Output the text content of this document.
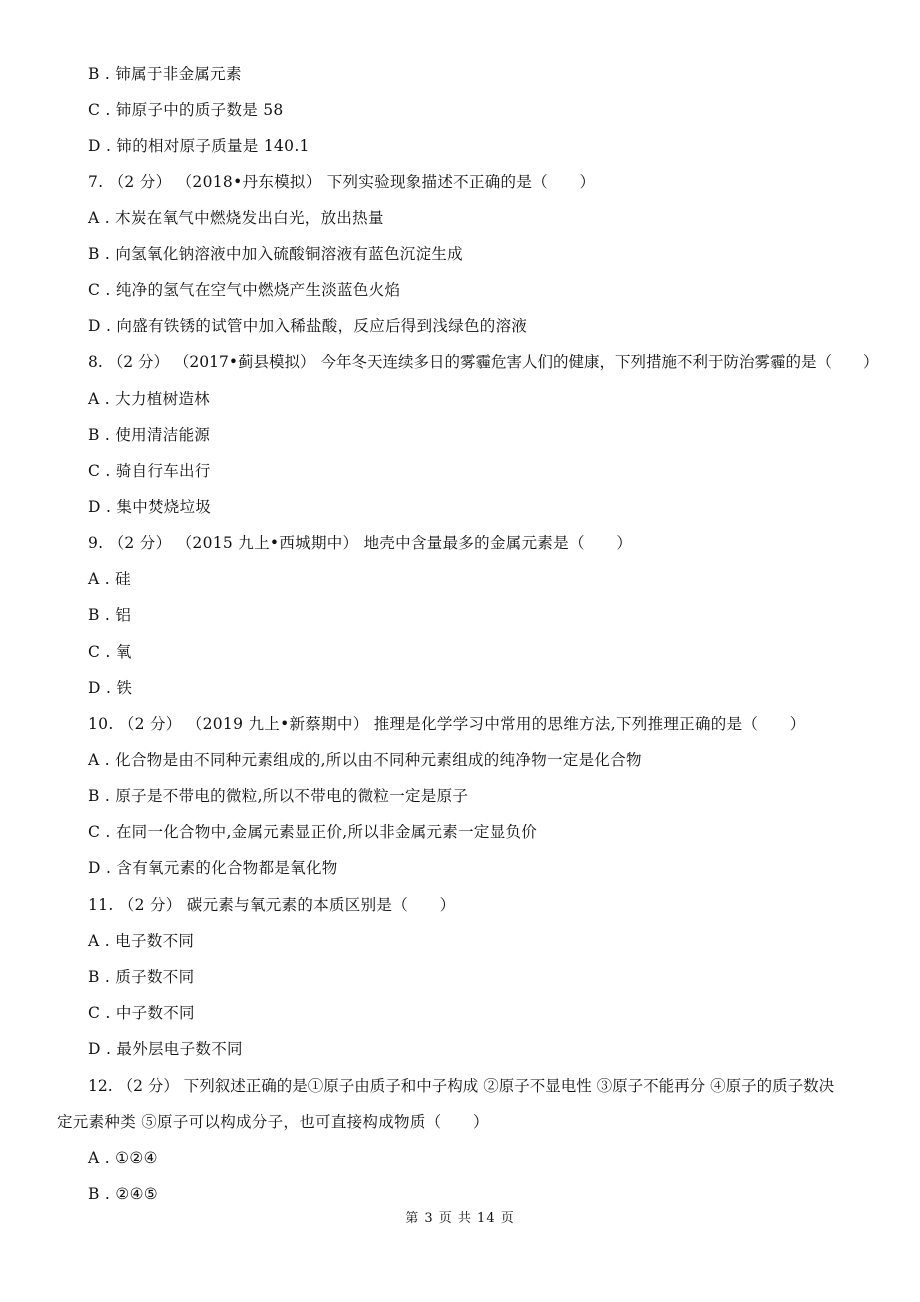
B . 铈属于非金属元素
C . 铈原子中的质子数是 58
D . 铈的相对原子质量是 140.1
7. （2 分） （2018•丹东模拟） 下列实验现象描述不正确的是（　　）
A . 木炭在氧气中燃烧发出白光，放出热量
B . 向氢氧化钠溶液中加入硫酸铜溶液有蓝色沉淀生成
C . 纯净的氢气在空气中燃烧产生淡蓝色火焰
D . 向盛有铁锈的试管中加入稀盐酸，反应后得到浅绿色的溶液
8. （2 分） （2017•蓟县模拟） 今年冬天连续多日的雾霾危害人们的健康，下列措施不利于防治雾霾的是（　　）
A . 大力植树造林
B . 使用清洁能源
C . 骑自行车出行
D . 集中焚烧垃圾
9. （2 分） （2015 九上•西城期中） 地壳中含量最多的金属元素是（　　）
A . 硅
B . 铝
C . 氧
D . 铁
10. （2 分） （2019 九上•新蔡期中） 推理是化学学习中常用的思维方法,下列推理正确的是（　　）
A . 化合物是由不同种元素组成的,所以由不同种元素组成的纯净物一定是化合物
B . 原子是不带电的微粒,所以不带电的微粒一定是原子
C . 在同一化合物中,金属元素显正价,所以非金属元素一定显负价
D . 含有氧元素的化合物都是氧化物
11. （2 分） 碳元素与氧元素的本质区别是（　　）
A . 电子数不同
B . 质子数不同
C . 中子数不同
D . 最外层电子数不同
12. （2 分） 下列叙述正确的是①原子由质子和中子构成 ②原子不显电性 ③原子不能再分 ④原子的质子数决
定元素种类 ⑤原子可以构成分子，也可直接构成物质（　　）
A . ①②④
B . ②④⑤
第 3 页 共 14 页
